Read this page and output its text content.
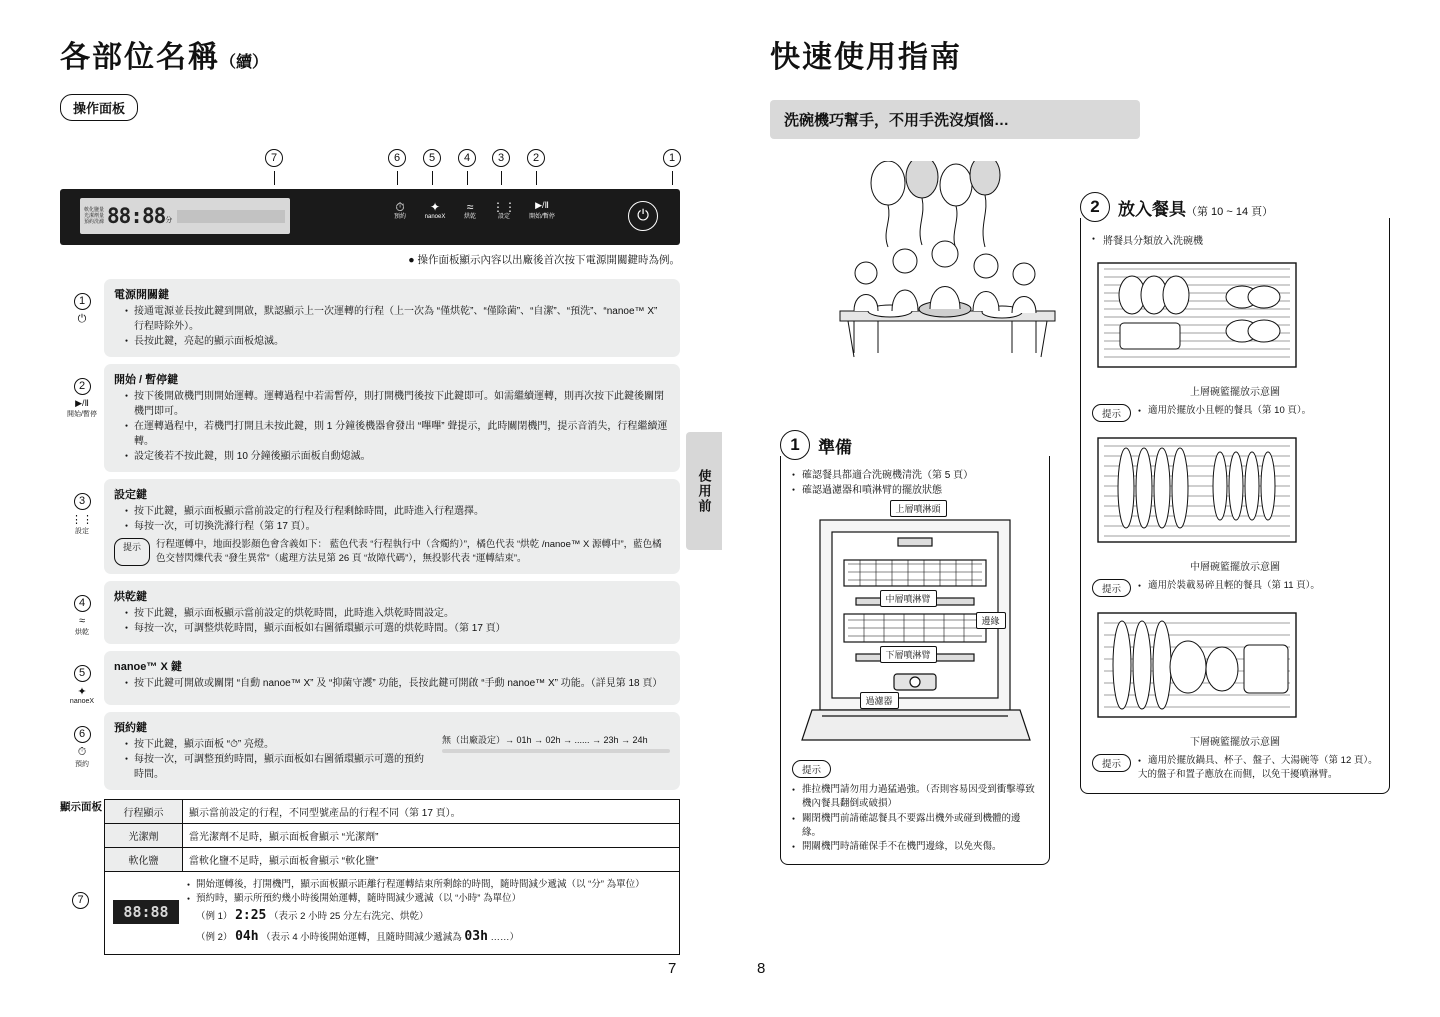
各部位名稱（續）
操作面板
7	6	5	4	3	2	1
軟化鹽量
光潔劑量
預約洗滌 88:88 分
⏱
預約
✦
nanoeX
≈
烘乾
⋮⋮
設定
▶/Ⅱ
開始/暫停	⏻
● 操作面板顯示內容以出廠後首次按下電源開關鍵時為例。
1
⏻
電源開關鍵
● 接通電源並長按此鍵到開啟，默認顯示上一次運轉的行程（上一次為 “僅烘乾”、“僅除菌”、“自潔”、“預洗”、“nanoe™ X” 行程時除外）。
● 長按此鍵，亮起的顯示面板熄滅。
2
▶/Ⅱ
開始/暫停
開始 / 暫停鍵
● 按下後開啟機門則開始運轉。運轉過程中若需暫停，則打開機門後按下此鍵即可。如需繼續運轉，則再次按下此鍵後關閉機門即可。
● 在運轉過程中，若機門打開且未按此鍵，則 1 分鐘後機器會發出 “嗶嗶” 聲提示，此時關閉機門，提示音消失，行程繼續運轉。
● 設定後若不按此鍵，則 10 分鐘後顯示面板自動熄滅。
3
⋮⋮
設定
設定鍵
● 按下此鍵，顯示面板顯示當前設定的行程及行程剩餘時間，此時進入行程選擇。
● 每按一次，可切換洗滌行程（第 17 頁）。
提示	行程運轉中，地面投影顏色會含義如下： 藍色代表 “行程執行中（含燭約）”，橘色代表 “烘乾 /nanoe™ X 源轉中”，藍色橘色交替閃爍代表 “發生異常”（處理方法見第 26 頁 “故障代碼”），無投影代表 “運轉結束”。
4
≈
烘乾
烘乾鍵
● 按下此鍵，顯示面板顯示當前設定的烘乾時間，此時進入烘乾時間設定。
● 每按一次，可調整烘乾時間，顯示面板如右圖循環顯示可選的烘乾時間。（第 17 頁）
5
✦
nanoeX
nanoe™ X 鍵
● 按下此鍵可開啟或關閉 “自動 nanoe™ X” 及 “抑菌守護” 功能，長按此鍵可開啟 “手動 nanoe™ X” 功能。（詳見第 18 頁）
6
⏱
預約
預約鍵
● 按下此鍵，顯示面板 “⏱” 亮燈。
● 每按一次，可調整預約時間，顯示面板如右圖循環顯示可選的預約時間。
無（出廠設定）→ 01h → 02h → ...... → 23h → 24h
顯示面板
7
行程顯示	顯示當前設定的行程，不同型號產品的行程不同（第 17 頁）。
光潔劑	當光潔劑不足時，顯示面板會顯示 “光潔劑”
軟化鹽	當軟化鹽不足時，顯示面板會顯示 “軟化鹽”

88:88
● 開始運轉後，打開機門，顯示面板顯示距離行程運轉結束所剩餘的時間，隨時間減少遞減（以 “分” 為單位）
● 預約時，顯示所預約幾小時後開始運轉，隨時間減少遞減（以 “小時” 為單位）
（例 1） 2:25 （表示 2 小時 25 分左右洗完、烘乾）
（例 2） 04h （表示 4 小時後開始運轉，且隨時間減少遞減為 03h ……）
使用前
快速使用指南
洗碗機巧幫手，不用手洗沒煩惱…
2	放入餐具（第 10 ~ 14 頁）
● 將餐具分類放入洗碗機
上層碗籃擺放示意圖
提示	● 適用於擺放小且輕的餐具（第 10 頁）。
中層碗籃擺放示意圖
提示	● 適用於裝載易碎且輕的餐具（第 11 頁）。
下層碗籃擺放示意圖
提示	● 適用於擺放鍋具、杯子、盤子、大湯碗等（第 12 頁）。大的盤子和置子應放在而側，以免干擾噴淋臂。
1	準備
● 確認餐具都適合洗碗機清洗（第 5 頁）
● 確認過濾器和噴淋臂的擺放狀態
上層噴淋頭
中層噴淋臂
邊緣
下層噴淋臂
過濾器
提示
● 推拉機門請勿用力過猛過強。（否則容易因受到衝擊導致機內餐具翻倒或破損）
● 關閉機門前請確認餐具不要露出機外或碰到機體的邊緣。
● 開關機門時請確保手不在機門邊緣，以免夾傷。
7	8
